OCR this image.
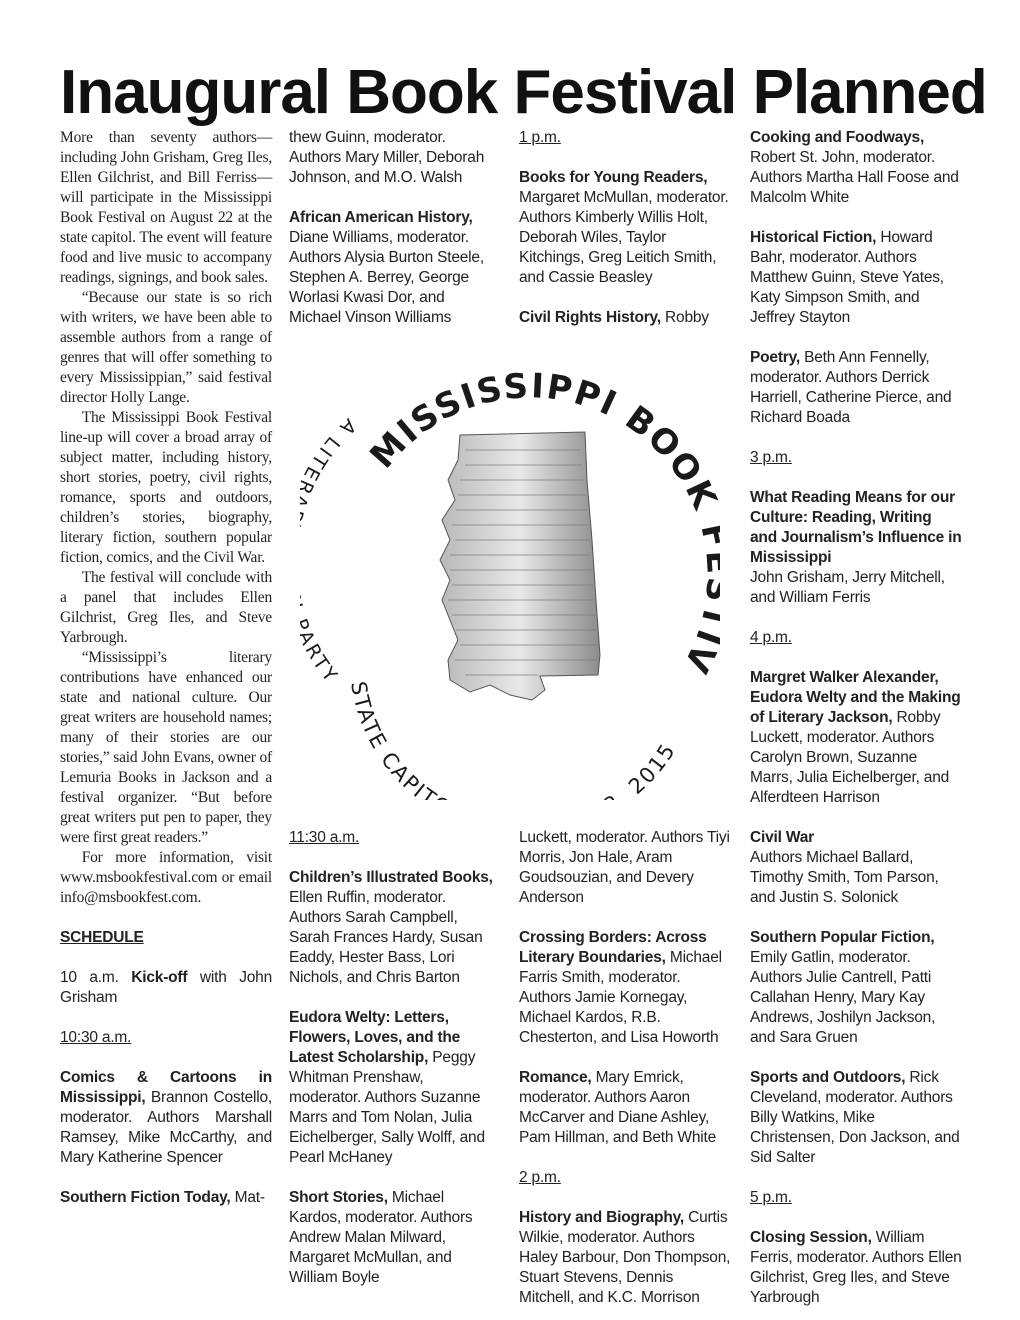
Inaugural Book Festival Planned

More than seventy authors—including John Grisham, Greg Iles, Ellen Gilchrist, and Bill Ferriss—will participate in the Mississippi Book Festival on August 22 at the state capitol. The event will feature food and live music to accompany readings, signings, and book sales.

“Because our state is so rich with writers, we have been able to assemble authors from a range of genres that will offer something to every Mississippian,” said festival director Holly Lange.

The Mississippi Book Festival line-up will cover a broad array of subject matter, including history, short stories, poetry, civil rights, romance, sports and outdoors, children’s stories, biography, literary fiction, southern popular fiction, comics, and the Civil War.

The festival will conclude with a panel that includes Ellen Gilchrist, Greg Iles, and Steve Yarbrough.

“Mississippi’s literary contributions have enhanced our state and national culture. Our great writers are household names; many of their stories are our stories,” said John Evans, owner of Lemuria Books in Jackson and a festival organizer. “But before great writers put pen to paper, they were first great readers.”

For more information, visit www.msbookfestival.com or email info@msbookfest.com.

SCHEDULE
10 a.m. Kick-off with John Grisham
10:30 a.m.
Comics & Cartoons in Mississippi, Brannon Costello, moderator. Authors Marshall Ramsey, Mike McCarthy, and Mary Katherine Spencer
Southern Fiction Today, Mat-
thew Guinn, moderator. Authors Mary Miller, Deborah Johnson, and M.O. Walsh
African American History, Diane Williams, moderator. Authors Alysia Burton Steele, Stephen A. Berrey, George Worlasi Kwasi Dor, and Michael Vinson Williams
1 p.m.
Books for Young Readers, Margaret McMullan, moderator. Authors Kimberly Willis Holt, Deborah Wiles, Taylor Kitchings, Greg Leitich Smith, and Cassie Beasley
Civil Rights History, Robby
MISSISSIPPI BOO V
A LITE RTY
STATE CAPIT , 2015
11:30 a.m.
Children’s Illustrated Books, Ellen Ruffin, moderator. Authors Sarah Campbell, Sarah Frances Hardy, Susan Eaddy, Hester Bass, Lori Nichols, and Chris Barton
Eudora Welty: Letters, Flowers, Loves, and the Latest Scholarship, Peggy Whitman Prenshaw, moderator. Authors Suzanne Marrs and Tom Nolan, Julia Eichelberger, Sally Wolff, and Pearl McHaney
Short Stories, Michael Kardos, moderator. Authors Andrew Malan Milward, Margaret McMullan, and William Boyle
Luckett, moderator. Authors Tiyi Morris, Jon Hale, Aram Goudsouzian, and Devery Anderson
Crossing Borders: Across Literary Boundaries, Michael Farris Smith, moderator. Authors Jamie Kornegay, Michael Kardos, R.B. Chesterton, and Lisa Howorth
Romance, Mary Emrick, moderator. Authors Aaron McCarver and Diane Ashley, Pam Hillman, and Beth White
2 p.m.
History and Biography, Curtis Wilkie, moderator. Authors Haley Barbour, Don Thompson, Stuart Stevens, Dennis Mitchell, and K.C. Morrison
Cooking and Foodways, Robert St. John, moderator. Authors Martha Hall Foose and Malcolm White
Historical Fiction, Howard Bahr, moderator. Authors Matthew Guinn, Steve Yates, Katy Simpson Smith, and Jeffrey Stayton
Poetry, Beth Ann Fennelly, moderator. Authors Derrick Harriell, Catherine Pierce, and Richard Boada
3 p.m.
What Reading Means for our Culture: Reading, Writing and Journalism’s Influence in Mississippi
John Grisham, Jerry Mitchell, and William Ferris
4 p.m.
Margret Walker Alexander, Eudora Welty and the Making of Literary Jackson, Robby Luckett, moderator. Authors Carolyn Brown, Suzanne Marrs, Julia Eichelberger, and Alferdteen Harrison
Civil War
Authors Michael Ballard, Timothy Smith, Tom Parson, and Justin S. Solonick
Southern Popular Fiction, Emily Gatlin, moderator. Authors Julie Cantrell, Patti Callahan Henry, Mary Kay Andrews, Joshilyn Jackson, and Sara Gruen
Sports and Outdoors, Rick Cleveland, moderator. Authors Billy Watkins, Mike Christensen, Don Jackson, and Sid Salter
5 p.m.
Closing Session, William Ferris, moderator. Authors Ellen Gilchrist, Greg Iles, and Steve Yarbrough
